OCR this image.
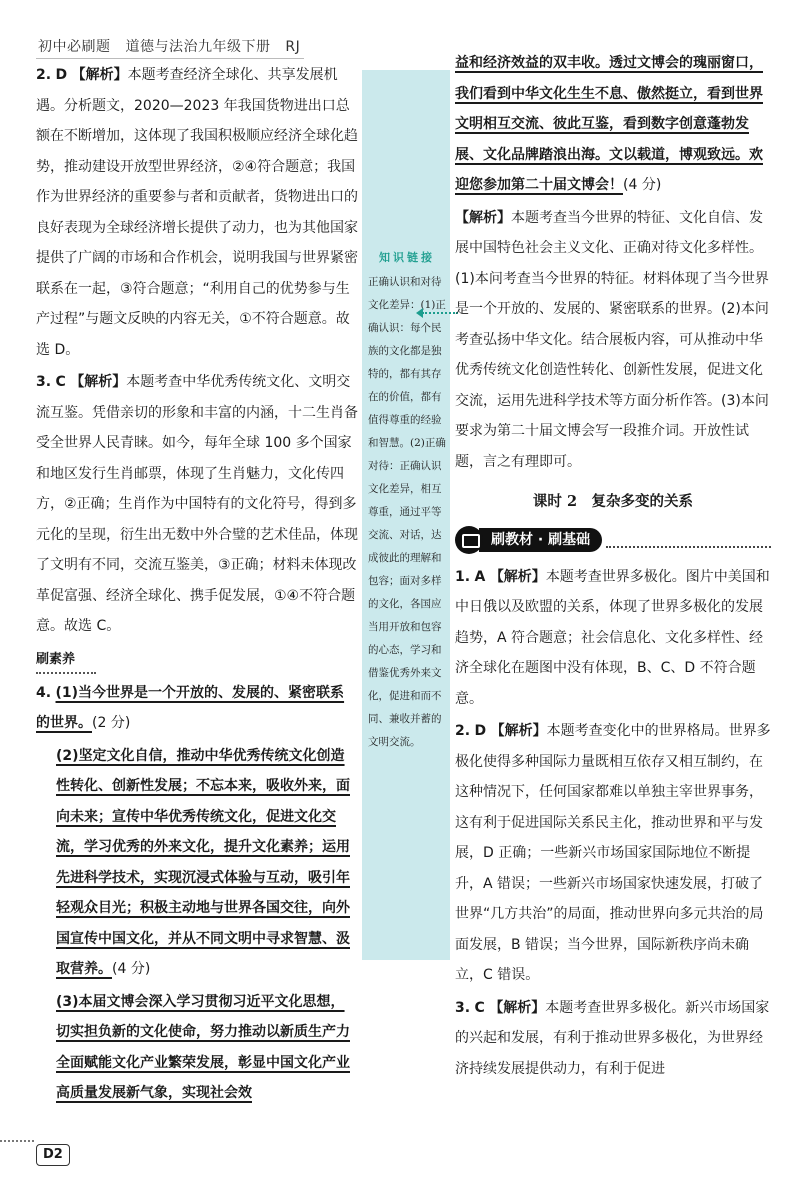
初中必刷题 道德与法治九年级下册 RJ

2. D 【解析】本题考查经济全球化、共享发展机遇。分析题文，2020—2023 年我国货物进出口总额在不断增加，这体现了我国积极顺应经济全球化趋势，推动建设开放型世界经济，②④符合题意；我国作为世界经济的重要参与者和贡献者，货物进出口的良好表现为全球经济增长提供了动力，也为其他国家提供了广阔的市场和合作机会，说明我国与世界紧密联系在一起，③符合题意；“利用自己的优势参与生产过程”与题文反映的内容无关，①不符合题意。故选 D。

3. C 【解析】本题考查中华优秀传统文化、文明交流互鉴。凭借亲切的形象和丰富的内涵，十二生肖备受全世界人民青睐。如今，每年全球 100 多个国家和地区发行生肖邮票，体现了生肖魅力，文化传四方，②正确；生肖作为中国特有的文化符号，得到多元化的呈现，衍生出无数中外合璧的艺术佳品，体现了文明有不同，交流互鉴美，③正确；材料未体现改革促富强、经济全球化、携手促发展，①④不符合题意。故选 C。

刷素养

4. (1)当今世界是一个开放的、发展的、紧密联系的世界。(2 分)

(2)坚定文化自信，推动中华优秀传统文化创造性转化、创新性发展；不忘本来，吸收外来，面向未来；宣传中华优秀传统文化，促进文化交流，学习优秀的外来文化，提升文化素养；运用先进科学技术，实现沉浸式体验与互动，吸引年轻观众目光；积极主动地与世界各国交往，向外国宣传中国文化，并从不同文明中寻求智慧、汲取营养。(4 分)

(3)本届文博会深入学习贯彻习近平文化思想，切实担负新的文化使命，努力推动以新质生产力全面赋能文化产业繁荣发展，彰显中国文化产业高质量发展新气象，实现社会效

知识链接
正确认识和对待文化差异：(1)正确认识：每个民族的文化都是独特的，都有其存在的价值，都有值得尊重的经验和智慧。(2)正确对待：正确认识文化差异，相互尊重，通过平等交流、对话，达成彼此的理解和包容；面对多样的文化，各国应当用开放和包容的心态，学习和借鉴优秀外来文化，促进和而不同、兼收并蓄的文明交流。

益和经济效益的双丰收。透过文博会的瑰丽窗口，我们看到中华文化生生不息、傲然挺立，看到世界文明相互交流、彼此互鉴，看到数字创意蓬勃发展、文化品牌踏浪出海。文以载道，博观致远。欢迎您参加第二十届文博会！(4 分)

【解析】本题考查当今世界的特征、文化自信、发展中国特色社会主义文化、正确对待文化多样性。(1)本问考查当今世界的特征。材料体现了当今世界是一个开放的、发展的、紧密联系的世界。(2)本问考查弘扬中华文化。结合展板内容，可从推动中华优秀传统文化创造性转化、创新性发展，促进文化交流，运用先进科学技术等方面分析作答。(3)本问要求为第二十届文博会写一段推介词。开放性试题，言之有理即可。

课时 2　复杂多变的关系
刷教材 · 刷基础

1. A 【解析】本题考查世界多极化。图片中美国和中日俄以及欧盟的关系，体现了世界多极化的发展趋势，A 符合题意；社会信息化、文化多样性、经济全球化在题图中没有体现，B、C、D 不符合题意。

2. D 【解析】本题考查变化中的世界格局。世界多极化使得多种国际力量既相互依存又相互制约，在这种情况下，任何国家都难以单独主宰世界事务，这有利于促进国际关系民主化，推动世界和平与发展，D 正确；一些新兴市场国家国际地位不断提升，A 错误；一些新兴市场国家快速发展，打破了世界“几方共治”的局面，推动世界向多元共治的局面发展，B 错误；当今世界，国际新秩序尚未确立，C 错误。

3. C 【解析】本题考查世界多极化。新兴市场国家的兴起和发展，有利于推动世界多极化，为世界经济持续发展提供动力，有利于促进

D2
